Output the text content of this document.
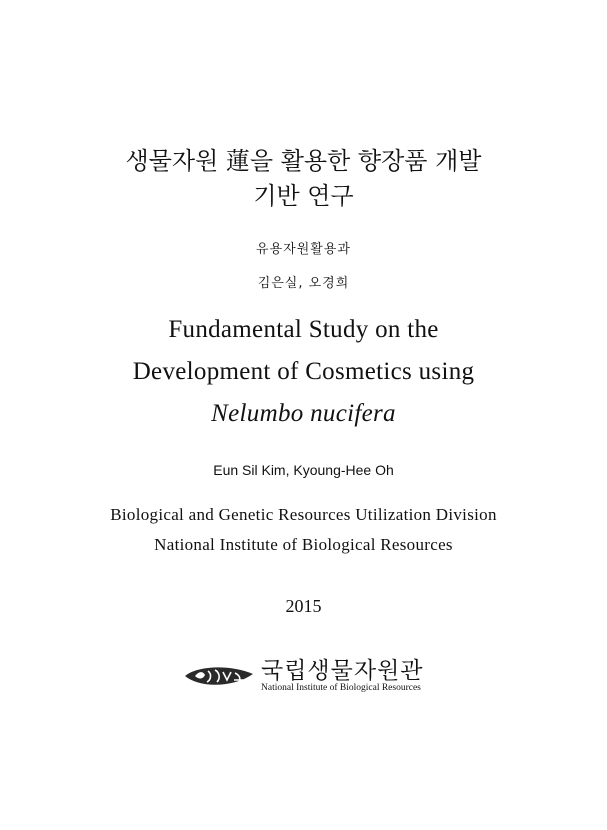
생물자원 蓮을 활용한 향장품 개발
기반 연구
유용자원활용과
김은실, 오경희
Fundamental Study on the
Development of Cosmetics using
Nelumbo nucifera
Eun Sil Kim, Kyoung-Hee Oh
Biological and Genetic Resources Utilization Division
National Institute of Biological Resources
2015
국립생물자원관
National Institute of Biological Resources
